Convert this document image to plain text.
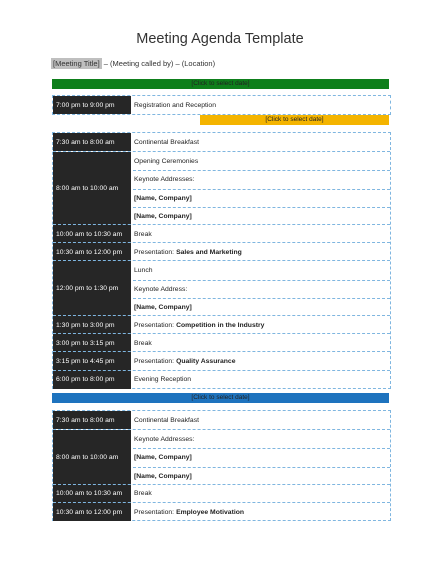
Meeting Agenda Template
[Meeting Title] – (Meeting called by) – (Location)
[Click to select date]
7:00 pm to 9:00 pm	Registration and Reception
[Click to select date]
7:30 am to 8:00 am	Continental Breakfast
8:00 am to 10:00 am
Opening Ceremonies
Keynote Addresses:
[Name, Company]
[Name, Company]
10:00 am to 10:30 am	Break
10:30 am to 12:00 pm	Presentation: Sales and Marketing
12:00 pm to 1:30 pm
Lunch
Keynote Address:
[Name, Company]
1:30 pm to 3:00 pm	Presentation: Competition in the Industry
3:00 pm to 3:15 pm	Break
3:15 pm to 4:45 pm	Presentation: Quality Assurance
6:00 pm to 8:00 pm	Evening Reception
[Click to select date]
7:30 am to 8:00 am	Continental Breakfast
8:00 am to 10:00 am
Keynote Addresses:
[Name, Company]
[Name, Company]
10:00 am to 10:30 am	Break
10:30 am to 12:00 pm	Presentation: Employee Motivation
